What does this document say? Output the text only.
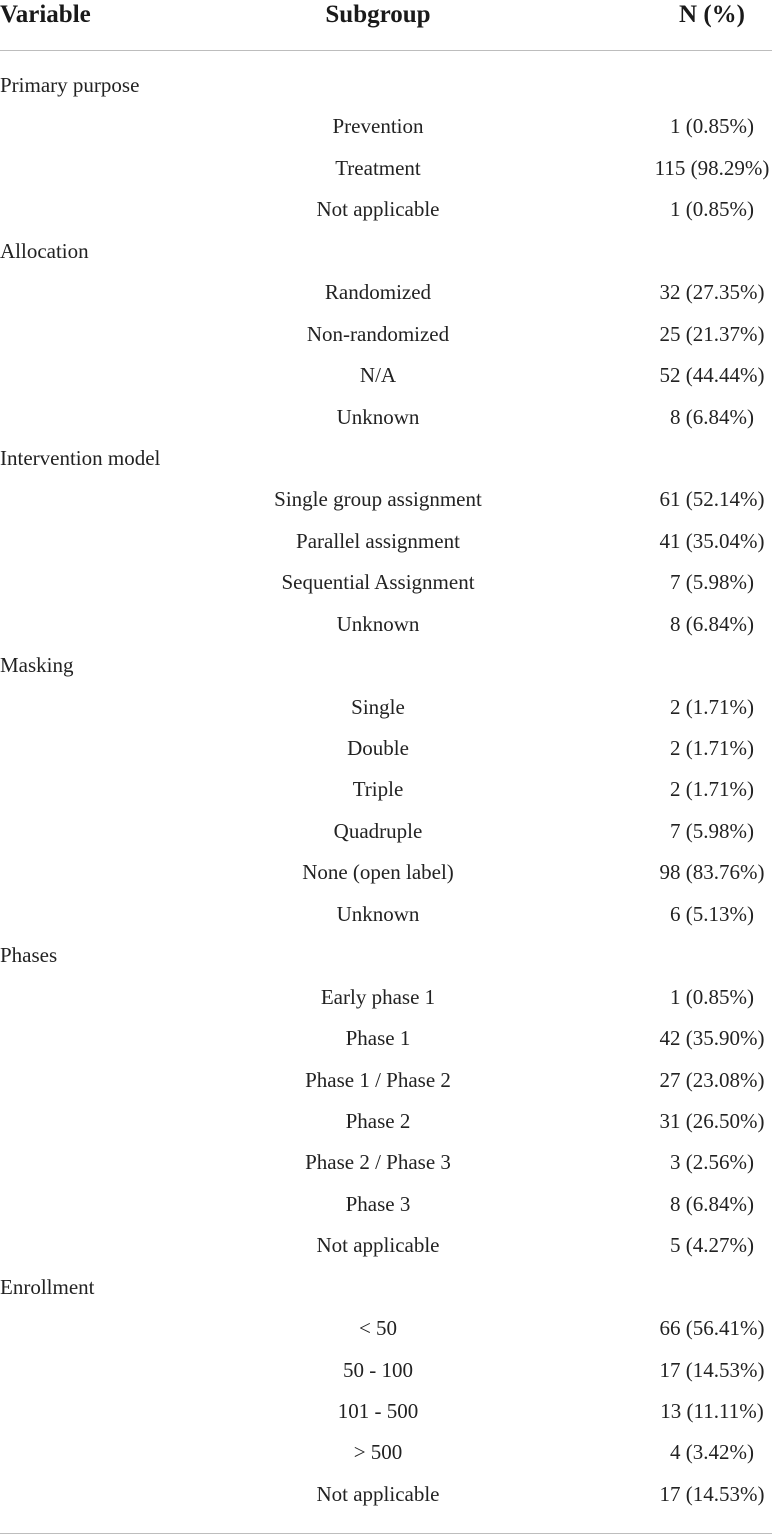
Variable	Subgroup	N (%)
Primary purpose
Prevention	1 (0.85%)
Treatment	115 (98.29%)
Not applicable	1 (0.85%)
Allocation
Randomized	32 (27.35%)
Non-randomized	25 (21.37%)
N/A	52 (44.44%)
Unknown	8 (6.84%)
Intervention model
Single group assignment	61 (52.14%)
Parallel assignment	41 (35.04%)
Sequential Assignment	7 (5.98%)
Unknown	8 (6.84%)
Masking
Single	2 (1.71%)
Double	2 (1.71%)
Triple	2 (1.71%)
Quadruple	7 (5.98%)
None (open label)	98 (83.76%)
Unknown	6 (5.13%)
Phases
Early phase 1	1 (0.85%)
Phase 1	42 (35.90%)
Phase 1 / Phase 2	27 (23.08%)
Phase 2	31 (26.50%)
Phase 2 / Phase 3	3 (2.56%)
Phase 3	8 (6.84%)
Not applicable	5 (4.27%)
Enrollment
< 50	66 (56.41%)
50 - 100	17 (14.53%)
101 - 500	13 (11.11%)
> 500	4 (3.42%)
Not applicable	17 (14.53%)
